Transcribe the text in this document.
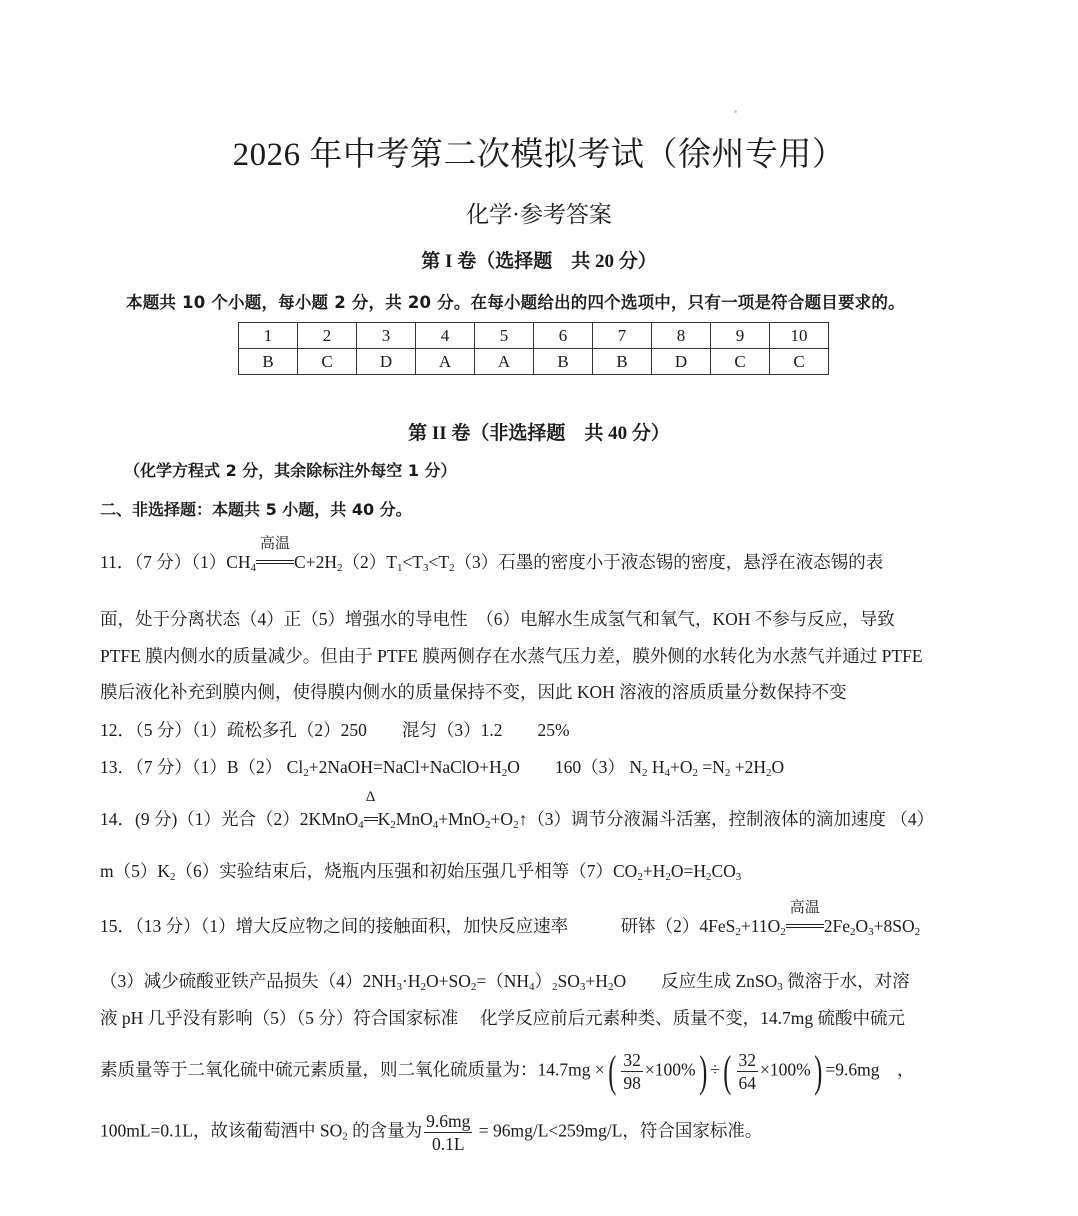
2026 年中考第二次模拟考试（徐州专用）
化学·参考答案
第 I 卷（选择题　共 20 分）
本题共 10 个小题，每小题 2 分，共 20 分。在每小题给出的四个选项中，只有一项是符合题目要求的。
1	2	3	4	5	6	7	8	9	10
B	C	D	A	A	B	B	D	C	C
第 II 卷（非选择题　共 40 分）
（化学方程式 2 分，其余除标注外每空 1 分）
二、非选择题：本题共 5 小题，共 40 分。
11．（7 分）$(1)CH_4$
高温
$C+2H_2(2)T_1<T_3<T_2(3)$石墨的密度小于液态锡的密度，悬浮在液态锡的表
面，处于分离状态（4）正（5）增强水的导电性　（6）电解水生成氢气和氧气，KOH 不参与反应，导致
PTFE 膜内侧水的质量减少。但由于 PTFE 膜两侧存在水蒸气压力差，膜外侧的水转化为水蒸气并通过 PTFE
膜后液化补充到膜内侧，使得膜内侧水的质量保持不变，因此 KOH 溶液的溶质质量分数保持不变
12．（5 分）（1）疏松多孔（2）250　　混匀（3）1.2　　25%
13．（7 分）（1）B（2） $Cl_2+2NaOH=NaCl+NaClO+H_2O$　　160（3） $N_2$ $H_4+O_2 =N_2 +2H_2O$
14．(9 分)（1）光合（2）2KMnO$_4$
Δ
$K_2MnO_4+MnO_2+O_2↑(3)$调节分液漏斗活塞，控制液体的滴加速度 （4）
$m(5)K_2(6)$实验结束后，烧瓶内压强和初始压强几乎相等$(7)CO_2+H_2O=H_2CO_3$
15．（13 分）（1）增大反应物之间的接触面积，加快反应速率　　　研钵$(2)4FeS_2+11O_2$
高温
$2Fe_2O_3+8SO_2$
（3）减少硫酸亚铁产品损失$(4)2NH_3\cdot H_2O+SO_2=(NH_4)_2SO_3+H_2O$　　反应生成 ZnSO$_3$ 微溶于水，对溶
液 pH 几乎没有影响（5）（5 分）符合国家标准　 化学反应前后元素种类、质量不变，14.7mg 硫酸中硫元
素质量等于二氧化硫中硫元素质量，则二氧化硫质量为：14.7mg ×( $\frac{32}{98} \times 100\%$) ÷( $\frac{32}{64} \times 100\%) =9.6mg$　，
100mL=0.1L，故该葡萄酒中 $SO_2$ 的含量为 $\frac{9.6mg}{0.1L} = 96mg/L<259mg/L$，符合国家标准。
